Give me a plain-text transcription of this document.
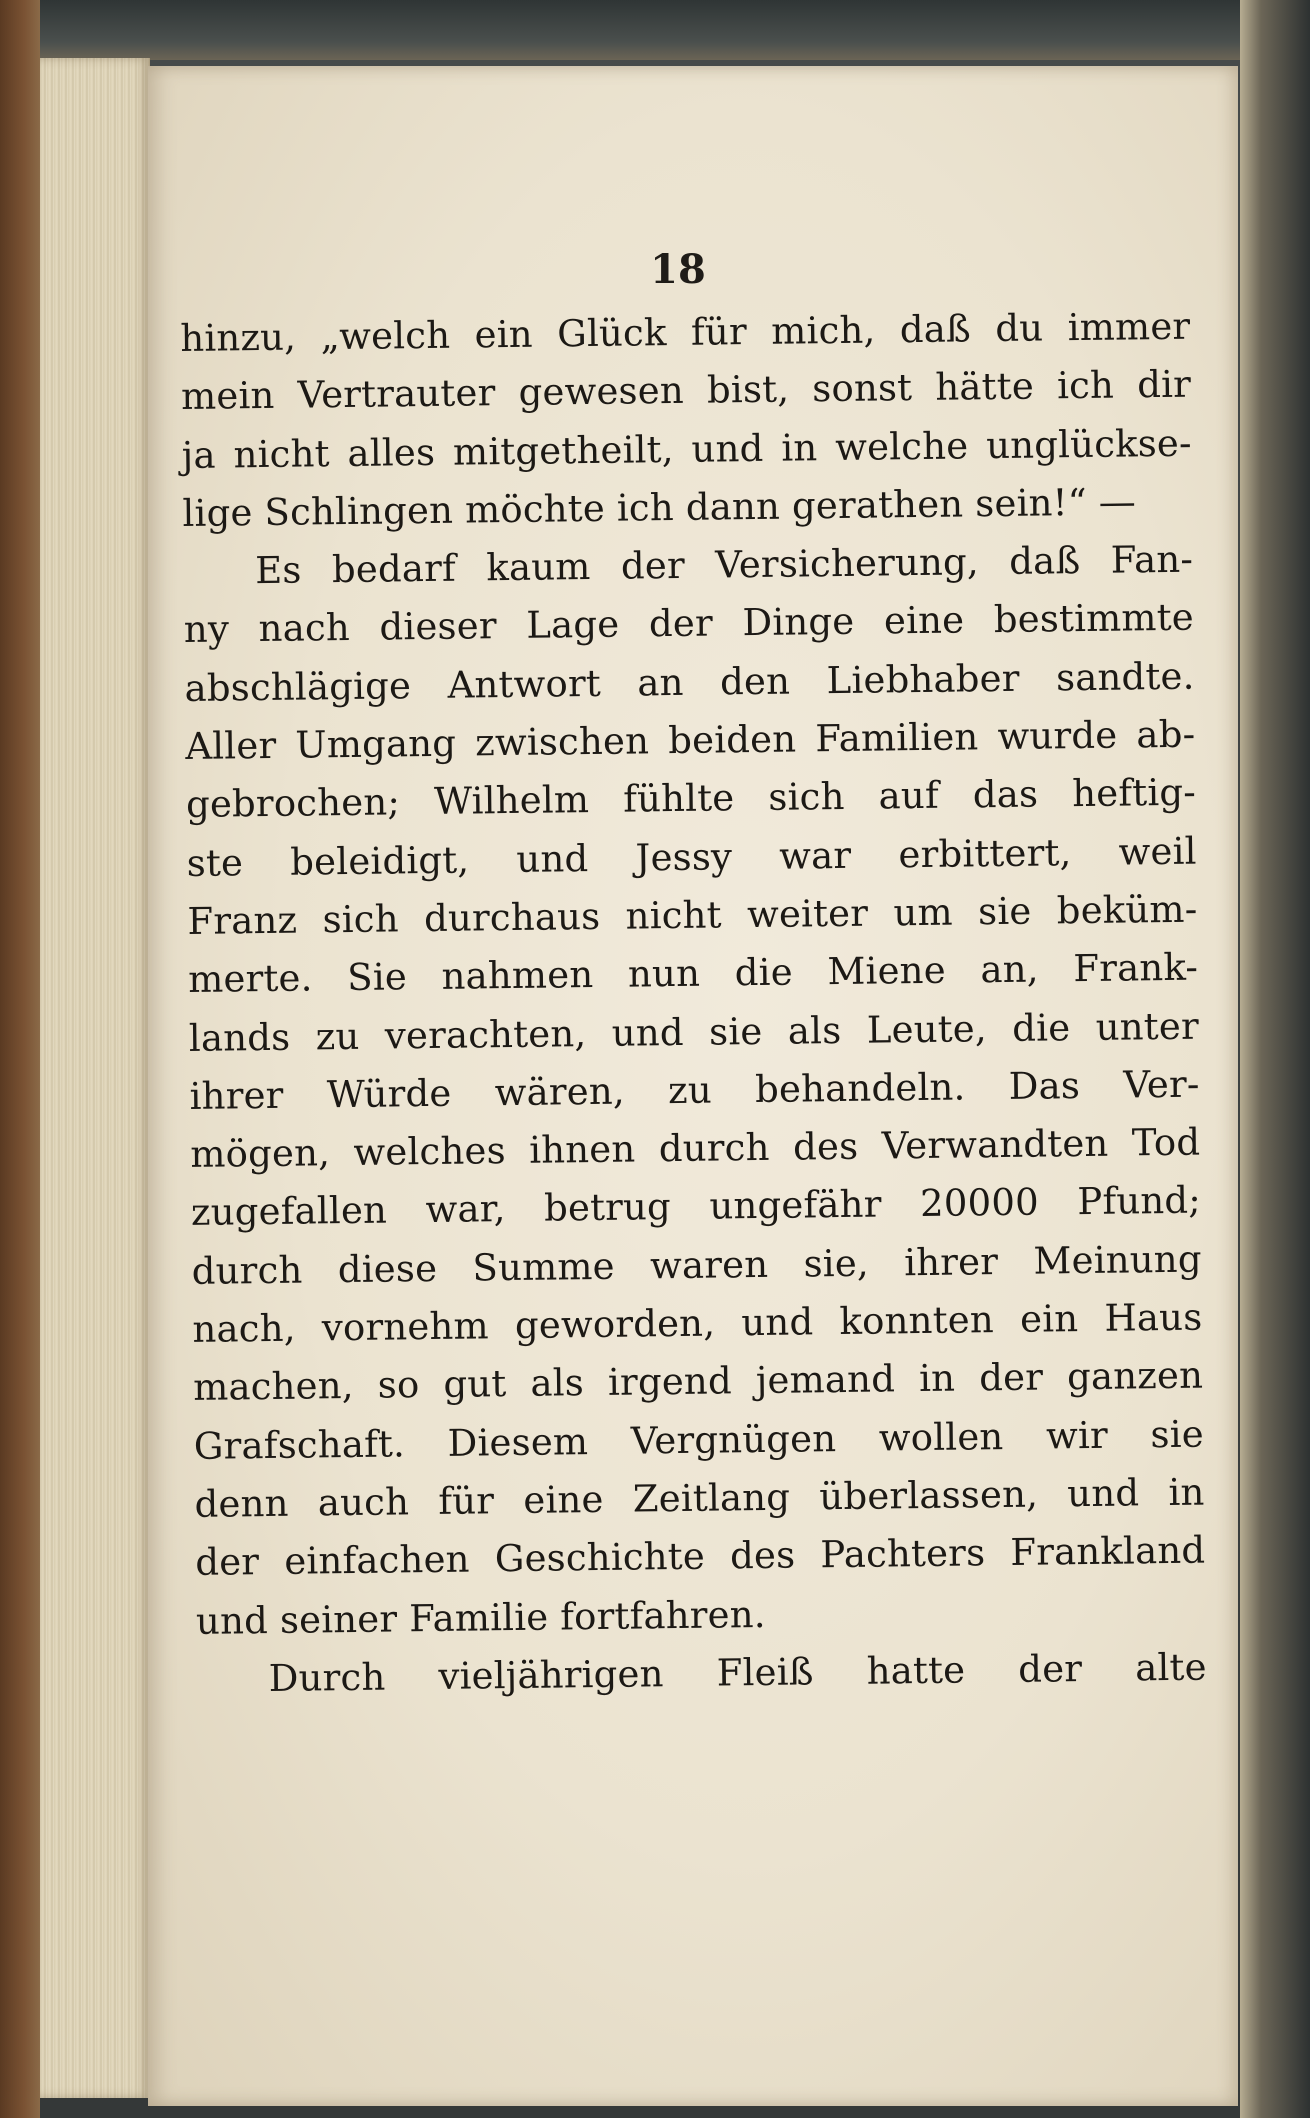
18
hinzu, „welch ein Glück für mich, daß du immer
mein Vertrauter gewesen bist, sonst hätte ich dir
ja nicht alles mitgetheilt, und in welche unglückse-
lige Schlingen möchte ich dann gerathen sein!“ —
Es bedarf kaum der Versicherung, daß Fan-
ny nach dieser Lage der Dinge eine bestimmte
abschlägige Antwort an den Liebhaber sandte.
Aller Umgang zwischen beiden Familien wurde ab-
gebrochen; Wilhelm fühlte sich auf das heftig-
ste beleidigt, und Jessy war erbittert, weil
Franz sich durchaus nicht weiter um sie beküm-
merte. Sie nahmen nun die Miene an, Frank-
lands zu verachten, und sie als Leute, die unter
ihrer Würde wären, zu behandeln. Das Ver-
mögen, welches ihnen durch des Verwandten Tod
zugefallen war, betrug ungefähr 20000 Pfund;
durch diese Summe waren sie, ihrer Meinung
nach, vornehm geworden, und konnten ein Haus
machen, so gut als irgend jemand in der ganzen
Grafschaft. Diesem Vergnügen wollen wir sie
denn auch für eine Zeitlang überlassen, und in
der einfachen Geschichte des Pachters Frankland
und seiner Familie fortfahren.
Durch vieljährigen Fleiß hatte der alte
